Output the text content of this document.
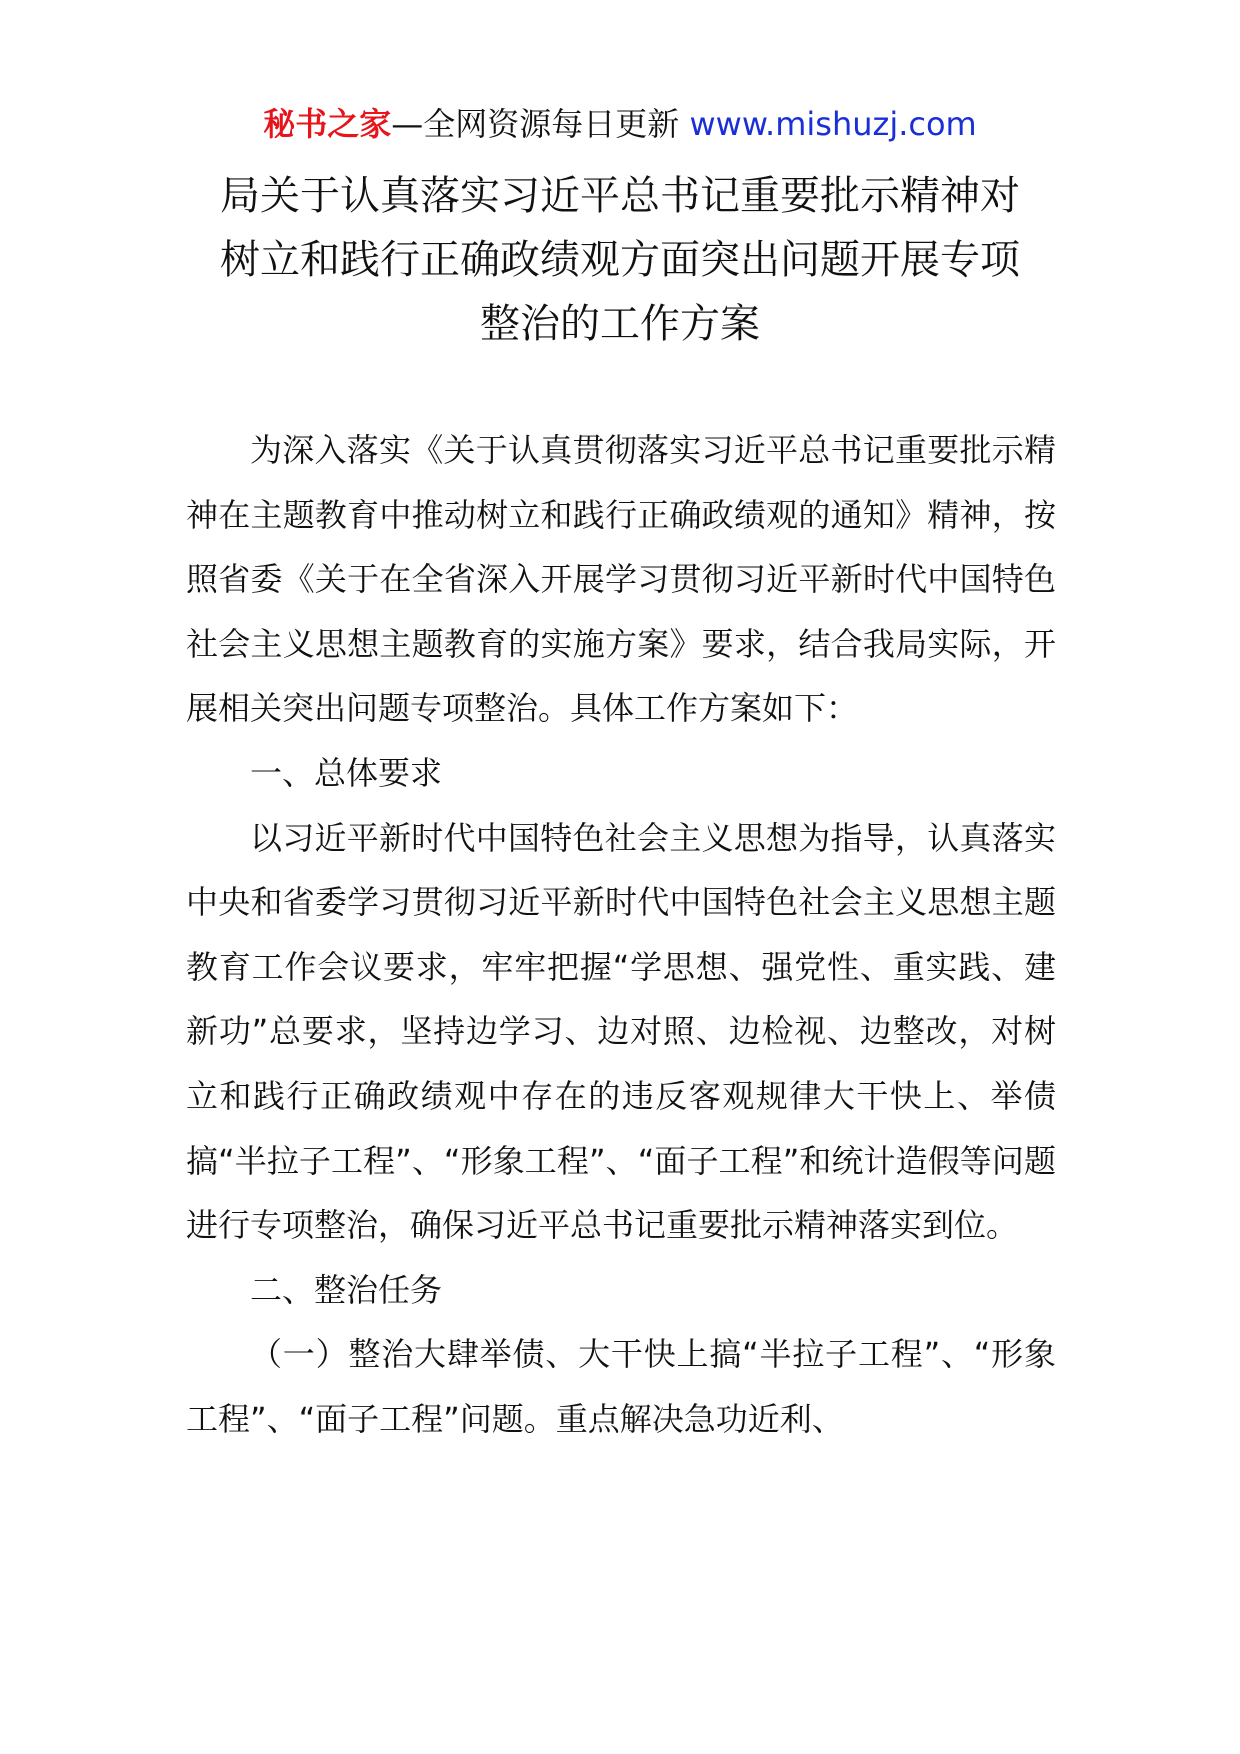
秘书之家—全网资源每日更新 www.mishuzj.com
局关于认真落实习近平总书记重要批示精神对
树立和践行正确政绩观方面突出问题开展专项
整治的工作方案

为深入落实《关于认真贯彻落实习近平总书记重要批示精神在主题教育中推动树立和践行正确政绩观的通知》精神，按照省委《关于在全省深入开展学习贯彻习近平新时代中国特色社会主义思想主题教育的实施方案》要求，结合我局实际，开展相关突出问题专项整治。具体工作方案如下：

一、总体要求

以习近平新时代中国特色社会主义思想为指导，认真落实中央和省委学习贯彻习近平新时代中国特色社会主义思想主题教育工作会议要求，牢牢把握“学思想、强党性、重实践、建新功”总要求，坚持边学习、边对照、边检视、边整改，对树立和践行正确政绩观中存在的违反客观规律大干快上、举债搞“半拉子工程”、“形象工程”、“面子工程”和统计造假等问题进行专项整治，确保习近平总书记重要批示精神落实到位。

二、整治任务

（一）整治大肆举债、大干快上搞“半拉子工程”、“形象工程”、“面子工程”问题。重点解决急功近利、
